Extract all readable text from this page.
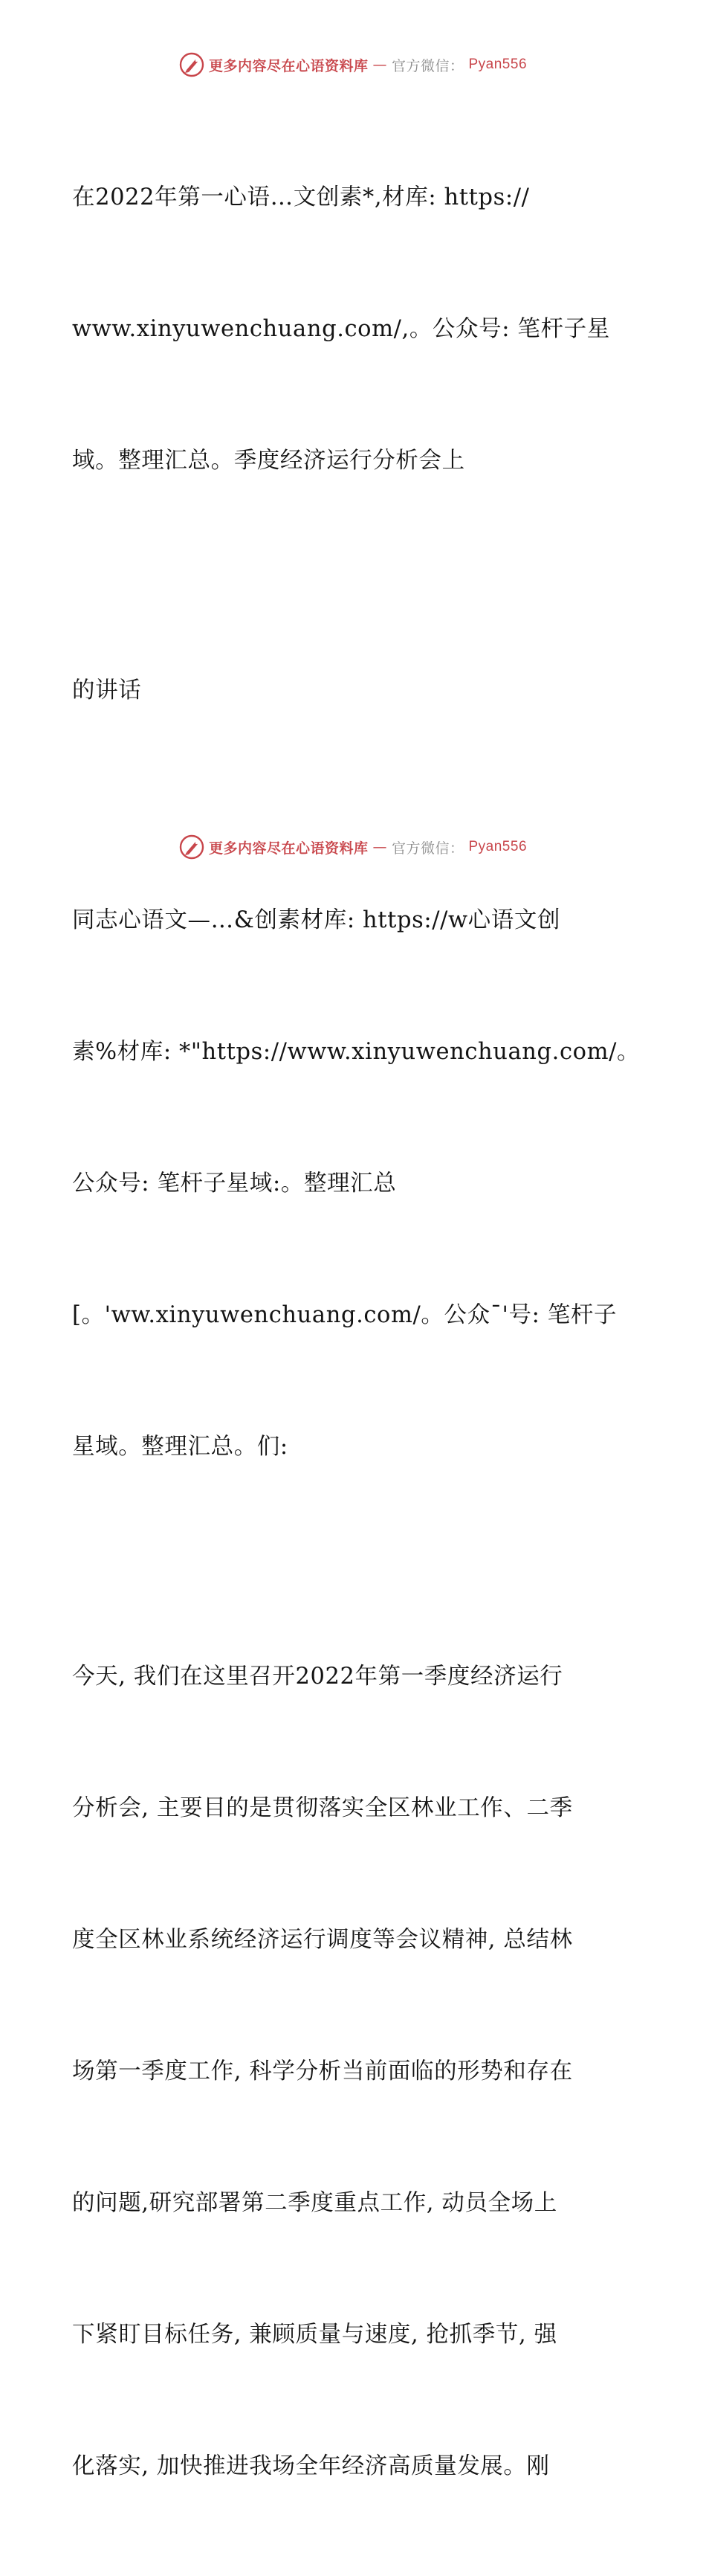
更多内容尽在心语资料库 — 官方微信： Pyan556

在2022年第一心语…文创素*,材库: https://

www.xinyuwenchuang.com/,。公众号: 笔杆子星

域。整理汇总。季度经济运行分析会上

的讲话

同志心语文—…&创素材库: https://w心语文创

素%材库: *"https://www.xinyuwenchuang.com/。

公众号: 笔杆子星域:。整理汇总

[。'ww.xinyuwenchuang.com/。公众¯'号: 笔杆子

星域。整理汇总。们:

今天, 我们在这里召开2022年第一季度经济运行

分析会, 主要目的是贯彻落实全区林业工作、二季

度全区林业系统经济运行调度等会议精神, 总结林

场第一季度工作, 科学分析当前面临的形势和存在

的问题,研究部署第二季度重点工作, 动员全场上

下紧盯目标任务, 兼顾质量与速度, 抢抓季节, 强

化落实, 加快推进我场全年经济高质量发展。刚

更多内容尽在心语资料库 — 官方微信： Pyan556
